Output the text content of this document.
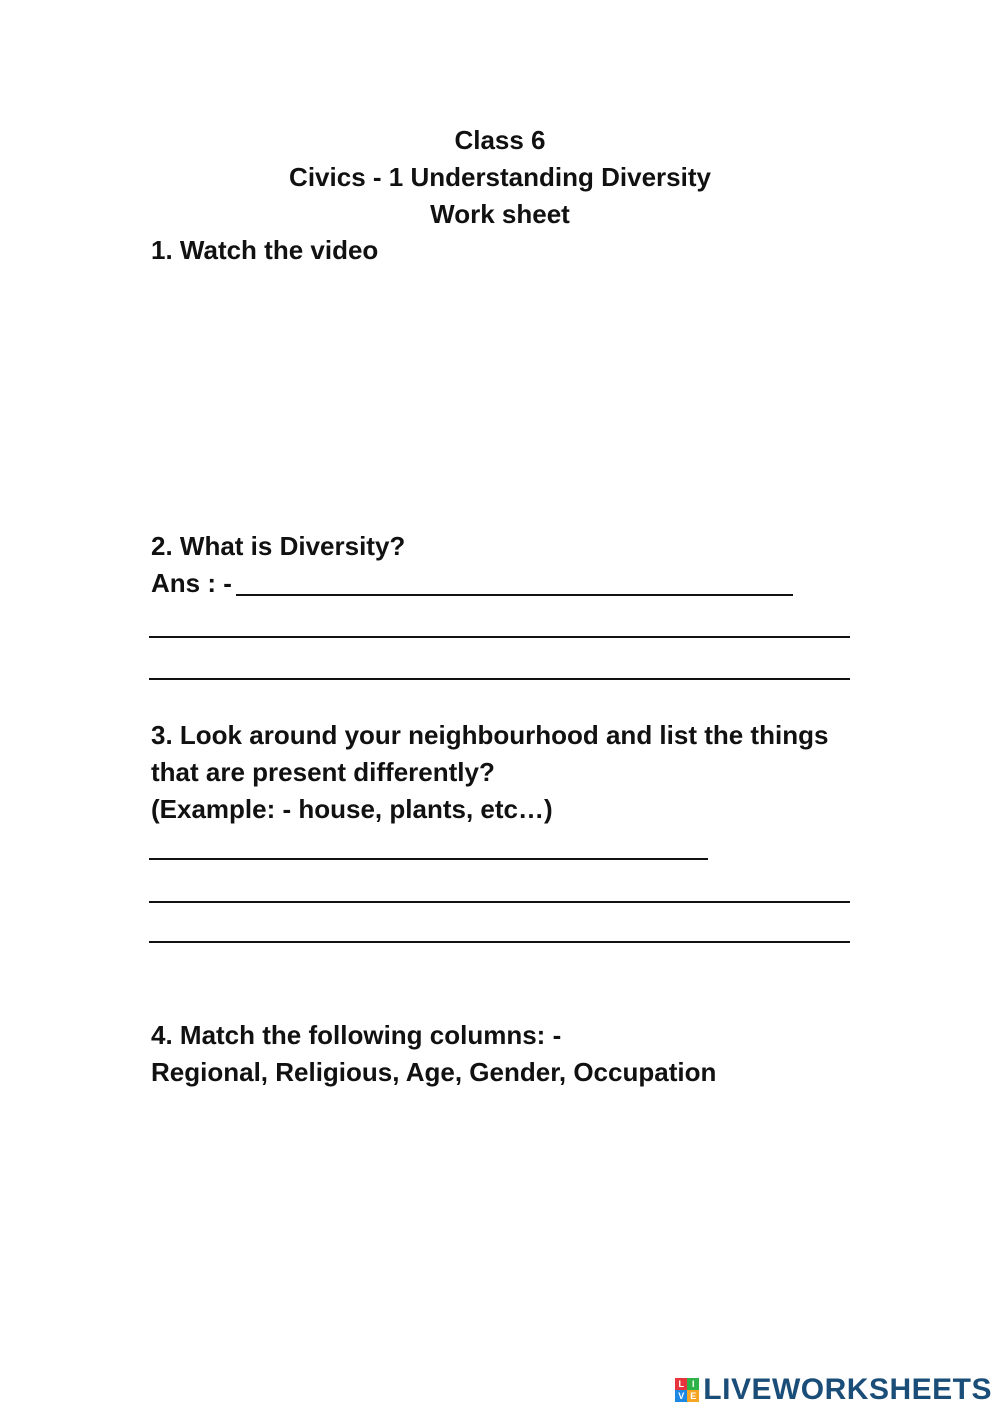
Class 6
Civics - 1 Understanding Diversity
Work sheet
1. Watch the video
2. What is Diversity?
Ans : -
3. Look around your neighbourhood and list the things
that are present differently?
(Example: - house, plants, etc…)
4. Match the following columns: -
Regional, Religious, Age, Gender, Occupation
L I
V E LIVEWORKSHEETS
